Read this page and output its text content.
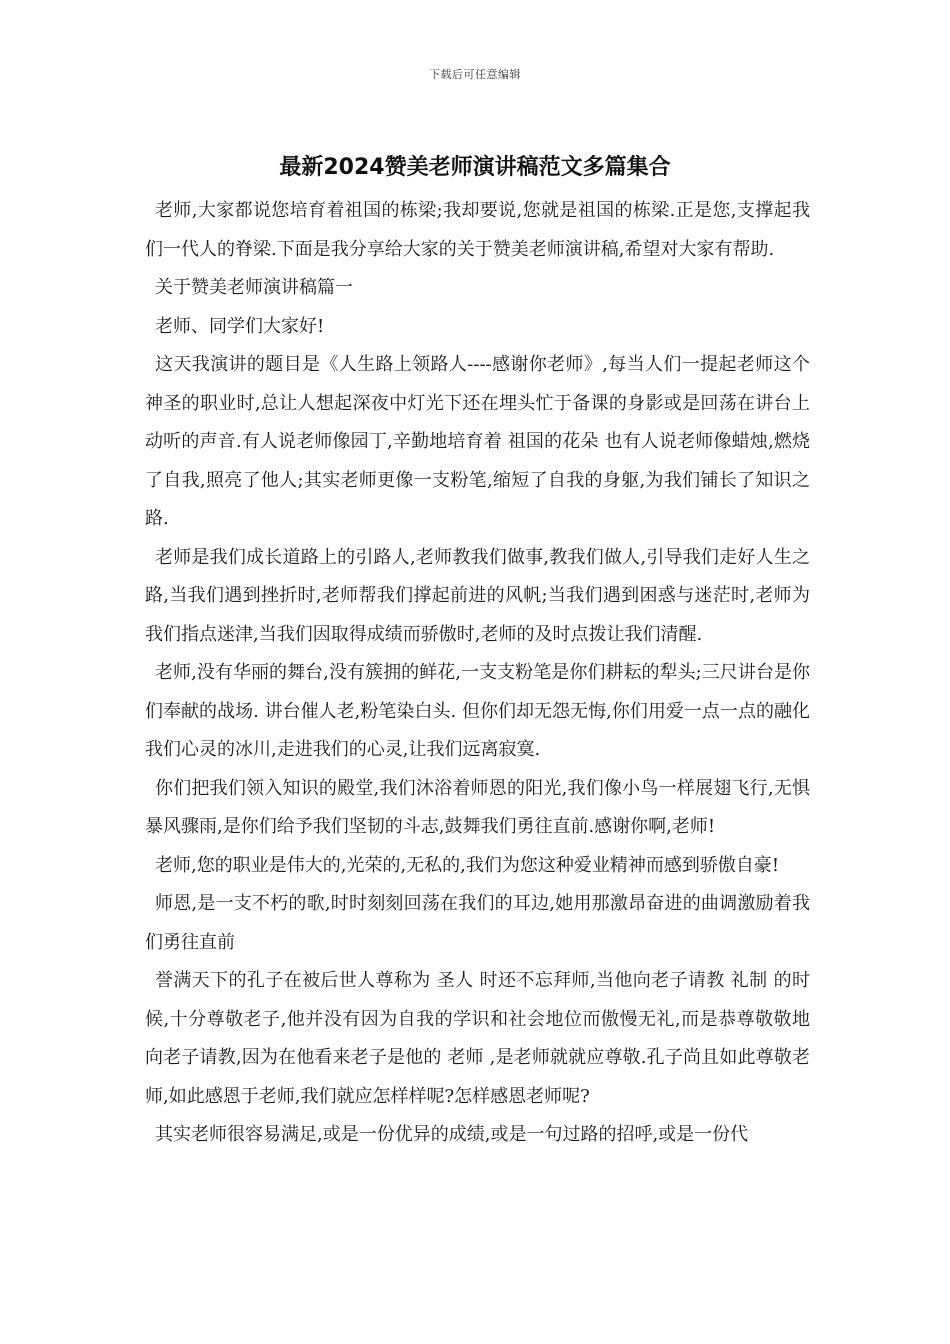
下载后可任意编辑
最新2024赞美老师演讲稿范文多篇集合

老师,大家都说您培育着祖国的栋梁;我却要说,您就是祖国的栋梁.正是您,支撑起我们一代人的脊梁.下面是我分享给大家的关于赞美老师演讲稿,希望对大家有帮助.

关于赞美老师演讲稿篇一

老师、同学们大家好!

这天我演讲的题目是《人生路上领路人----感谢你老师》,每当人们一提起老师这个神圣的职业时,总让人想起深夜中灯光下还在埋头忙于备课的身影或是回荡在讲台上动听的声音.有人说老师像园丁,辛勤地培育着 祖国的花朵 也有人说老师像蜡烛,燃烧了自我,照亮了他人;其实老师更像一支粉笔,缩短了自我的身躯,为我们铺长了知识之路.

老师是我们成长道路上的引路人,老师教我们做事,教我们做人,引导我们走好人生之路,当我们遇到挫折时,老师帮我们撑起前进的风帆;当我们遇到困惑与迷茫时,老师为我们指点迷津,当我们因取得成绩而骄傲时,老师的及时点拨让我们清醒.

老师,没有华丽的舞台,没有簇拥的鲜花,一支支粉笔是你们耕耘的犁头;三尺讲台是你们奉献的战场. 讲台催人老,粉笔染白头. 但你们却无怨无悔,你们用爱一点一点的融化我们心灵的冰川,走进我们的心灵,让我们远离寂寞.

你们把我们领入知识的殿堂,我们沐浴着师恩的阳光,我们像小鸟一样展翅飞行,无惧暴风骤雨,是你们给予我们坚韧的斗志,鼓舞我们勇往直前.感谢你啊,老师!

老师,您的职业是伟大的,光荣的,无私的,我们为您这种爱业精神而感到骄傲自豪!

师恩,是一支不朽的歌,时时刻刻回荡在我们的耳边,她用那激昂奋进的曲调激励着我们勇往直前

誉满天下的孔子在被后世人尊称为 圣人 时还不忘拜师,当他向老子请教 礼制 的时候,十分尊敬老子,他并没有因为自我的学识和社会地位而傲慢无礼,而是恭尊敬敬地向老子请教,因为在他看来老子是他的 老师 ,是老师就就应尊敬.孔子尚且如此尊敬老师,如此感恩于老师,我们就应怎样样呢?怎样感恩老师呢?

其实老师很容易满足,或是一份优异的成绩,或是一句过路的招呼,或是一份代
